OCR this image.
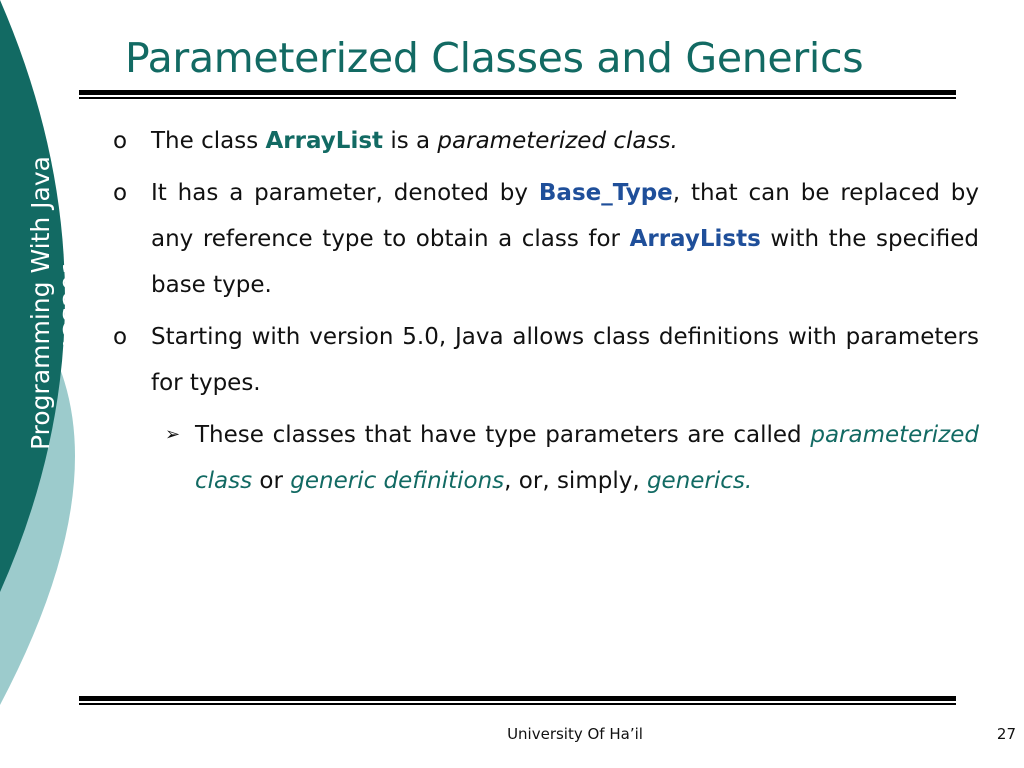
Programming With Java ICS201
Parameterized Classes and Generics
o The class ArrayList is a parameterized class.
o It has a parameter, denoted by Base_Type, that can be replaced by any reference type to obtain a class for ArrayLists with the specified base type.
o Starting with version 5.0, Java allows class definitions with parameters for types.
➢ These classes that have type parameters are called parameterized class or generic definitions, or, simply, generics.
University Of Ha’il	27
